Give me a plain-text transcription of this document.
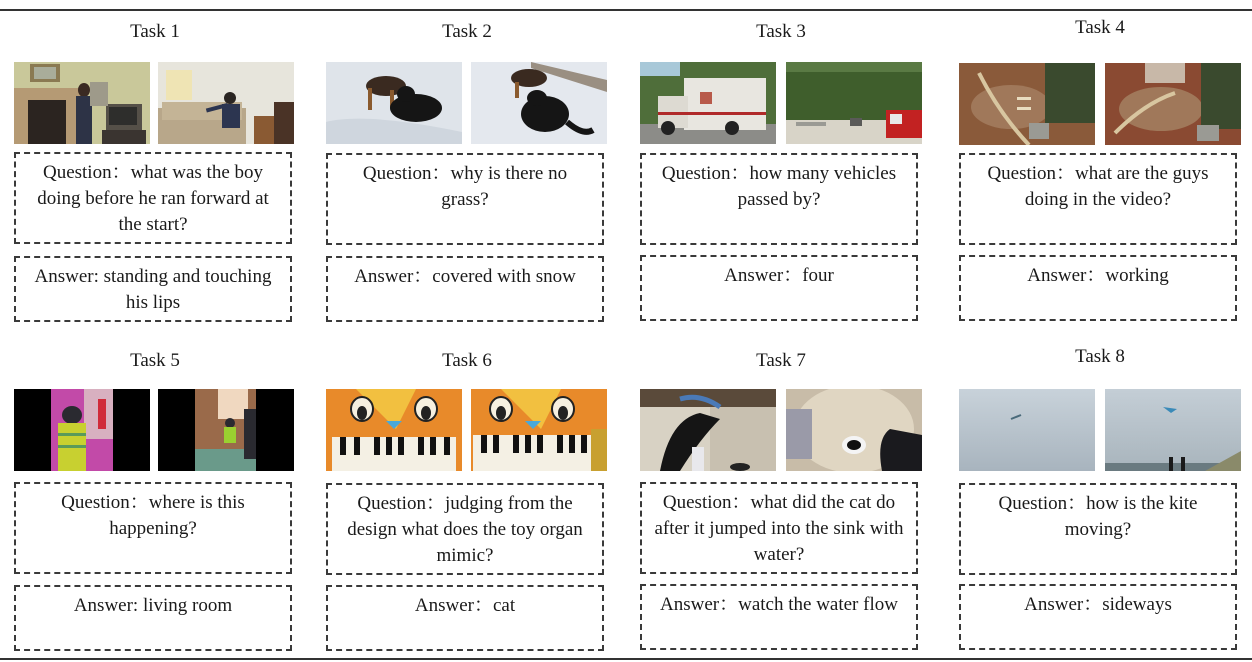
Task 1
Question：what was the boy doing before he ran forward at the start?
Answer: standing and touching his lips
Task 2
Question：why is there no grass?
Answer：covered with snow
Task 3
Question：how many vehicles passed by?
Answer：four
Task 4
Question：what are the guys doing in the video?
Answer：working
Task 5
Question：where is this happening?
Answer: living room
Task 6
Question：judging from the design what does the toy organ mimic?
Answer：cat
Task 7
Question：what did the cat do after it jumped into the sink with water?
Answer：watch the water flow
Task 8
Question：how is the kite moving?
Answer：sideways
